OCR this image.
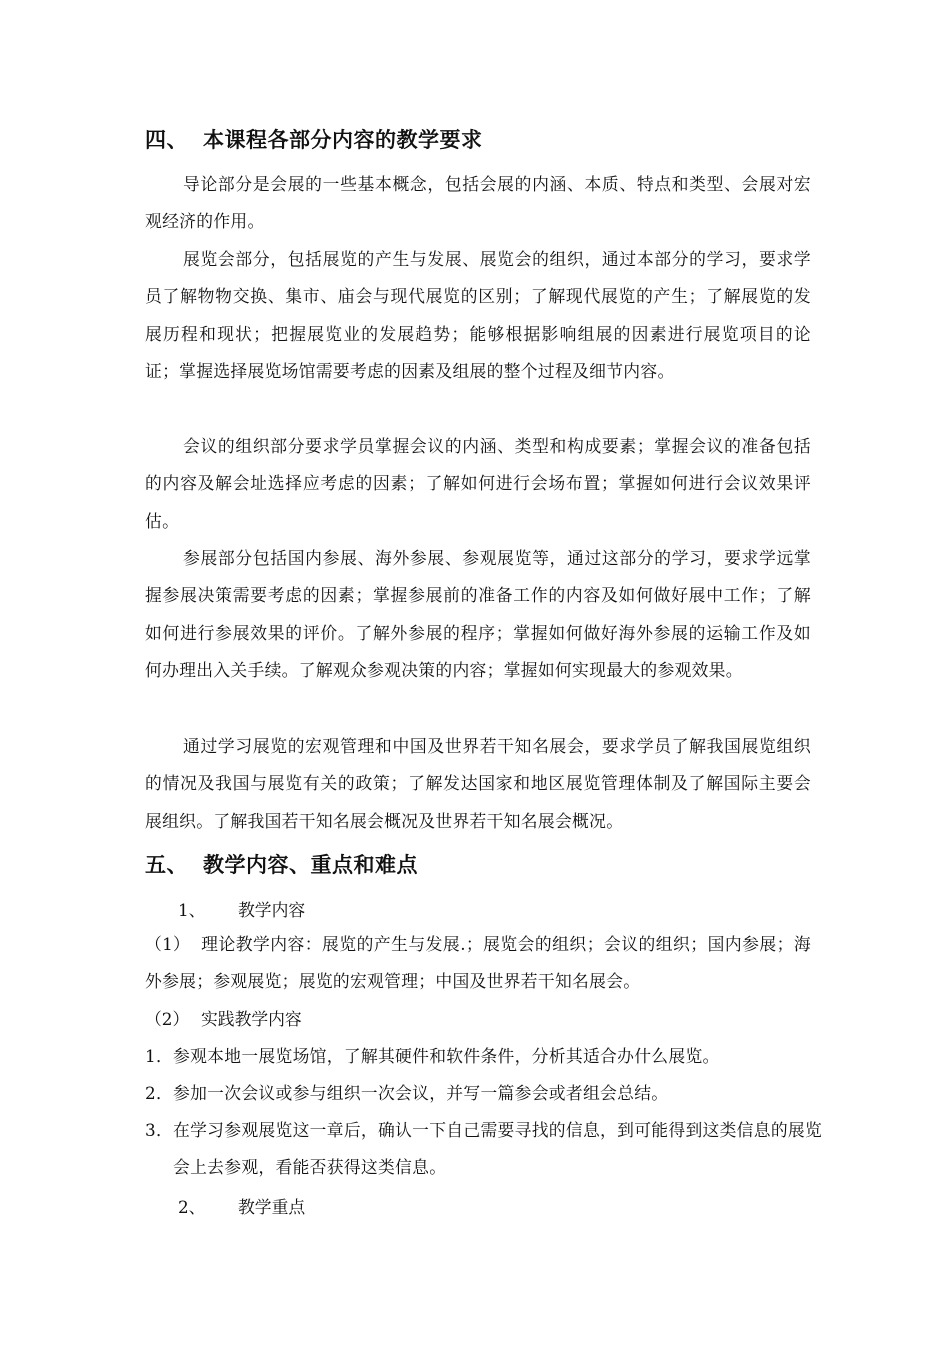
四、 本课程各部分内容的教学要求

导论部分是会展的一些基本概念，包括会展的内涵、本质、特点和类型、会展对宏观经济的作用。

展览会部分，包括展览的产生与发展、展览会的组织，通过本部分的学习，要求学员了解物物交换、集市、庙会与现代展览的区别；了解现代展览的产生；了解展览的发展历程和现状；把握展览业的发展趋势；能够根据影响组展的因素进行展览项目的论证；掌握选择展览场馆需要考虑的因素及组展的整个过程及细节内容。

会议的组织部分要求学员掌握会议的内涵、类型和构成要素；掌握会议的准备包括的内容及解会址选择应考虑的因素；了解如何进行会场布置；掌握如何进行会议效果评估。

参展部分包括国内参展、海外参展、参观展览等，通过这部分的学习，要求学远掌握参展决策需要考虑的因素；掌握参展前的准备工作的内容及如何做好展中工作；了解如何进行参展效果的评价。了解外参展的程序；掌握如何做好海外参展的运输工作及如何办理出入关手续。了解观众参观决策的内容；掌握如何实现最大的参观效果。

通过学习展览的宏观管理和中国及世界若干知名展会，要求学员了解我国展览组织的情况及我国与展览有关的政策；了解发达国家和地区展览管理体制及了解国际主要会展组织。了解我国若干知名展会概况及世界若干知名展会概况。

五、 教学内容、重点和难点
1、 教学内容

（1） 理论教学内容：展览的产生与发展.；展览会的组织；会议的组织；国内参展；海外参展；参观展览；展览的宏观管理；中国及世界若干知名展会。

（2） 实践教学内容

1．参观本地一展览场馆，了解其硬件和软件条件，分析其适合办什么展览。

2．参加一次会议或参与组织一次会议，并写一篇参会或者组会总结。

3．在学习参观展览这一章后，确认一下自己需要寻找的信息，到可能得到这类信息的展览会上去参观，看能否获得这类信息。

2、 教学重点
